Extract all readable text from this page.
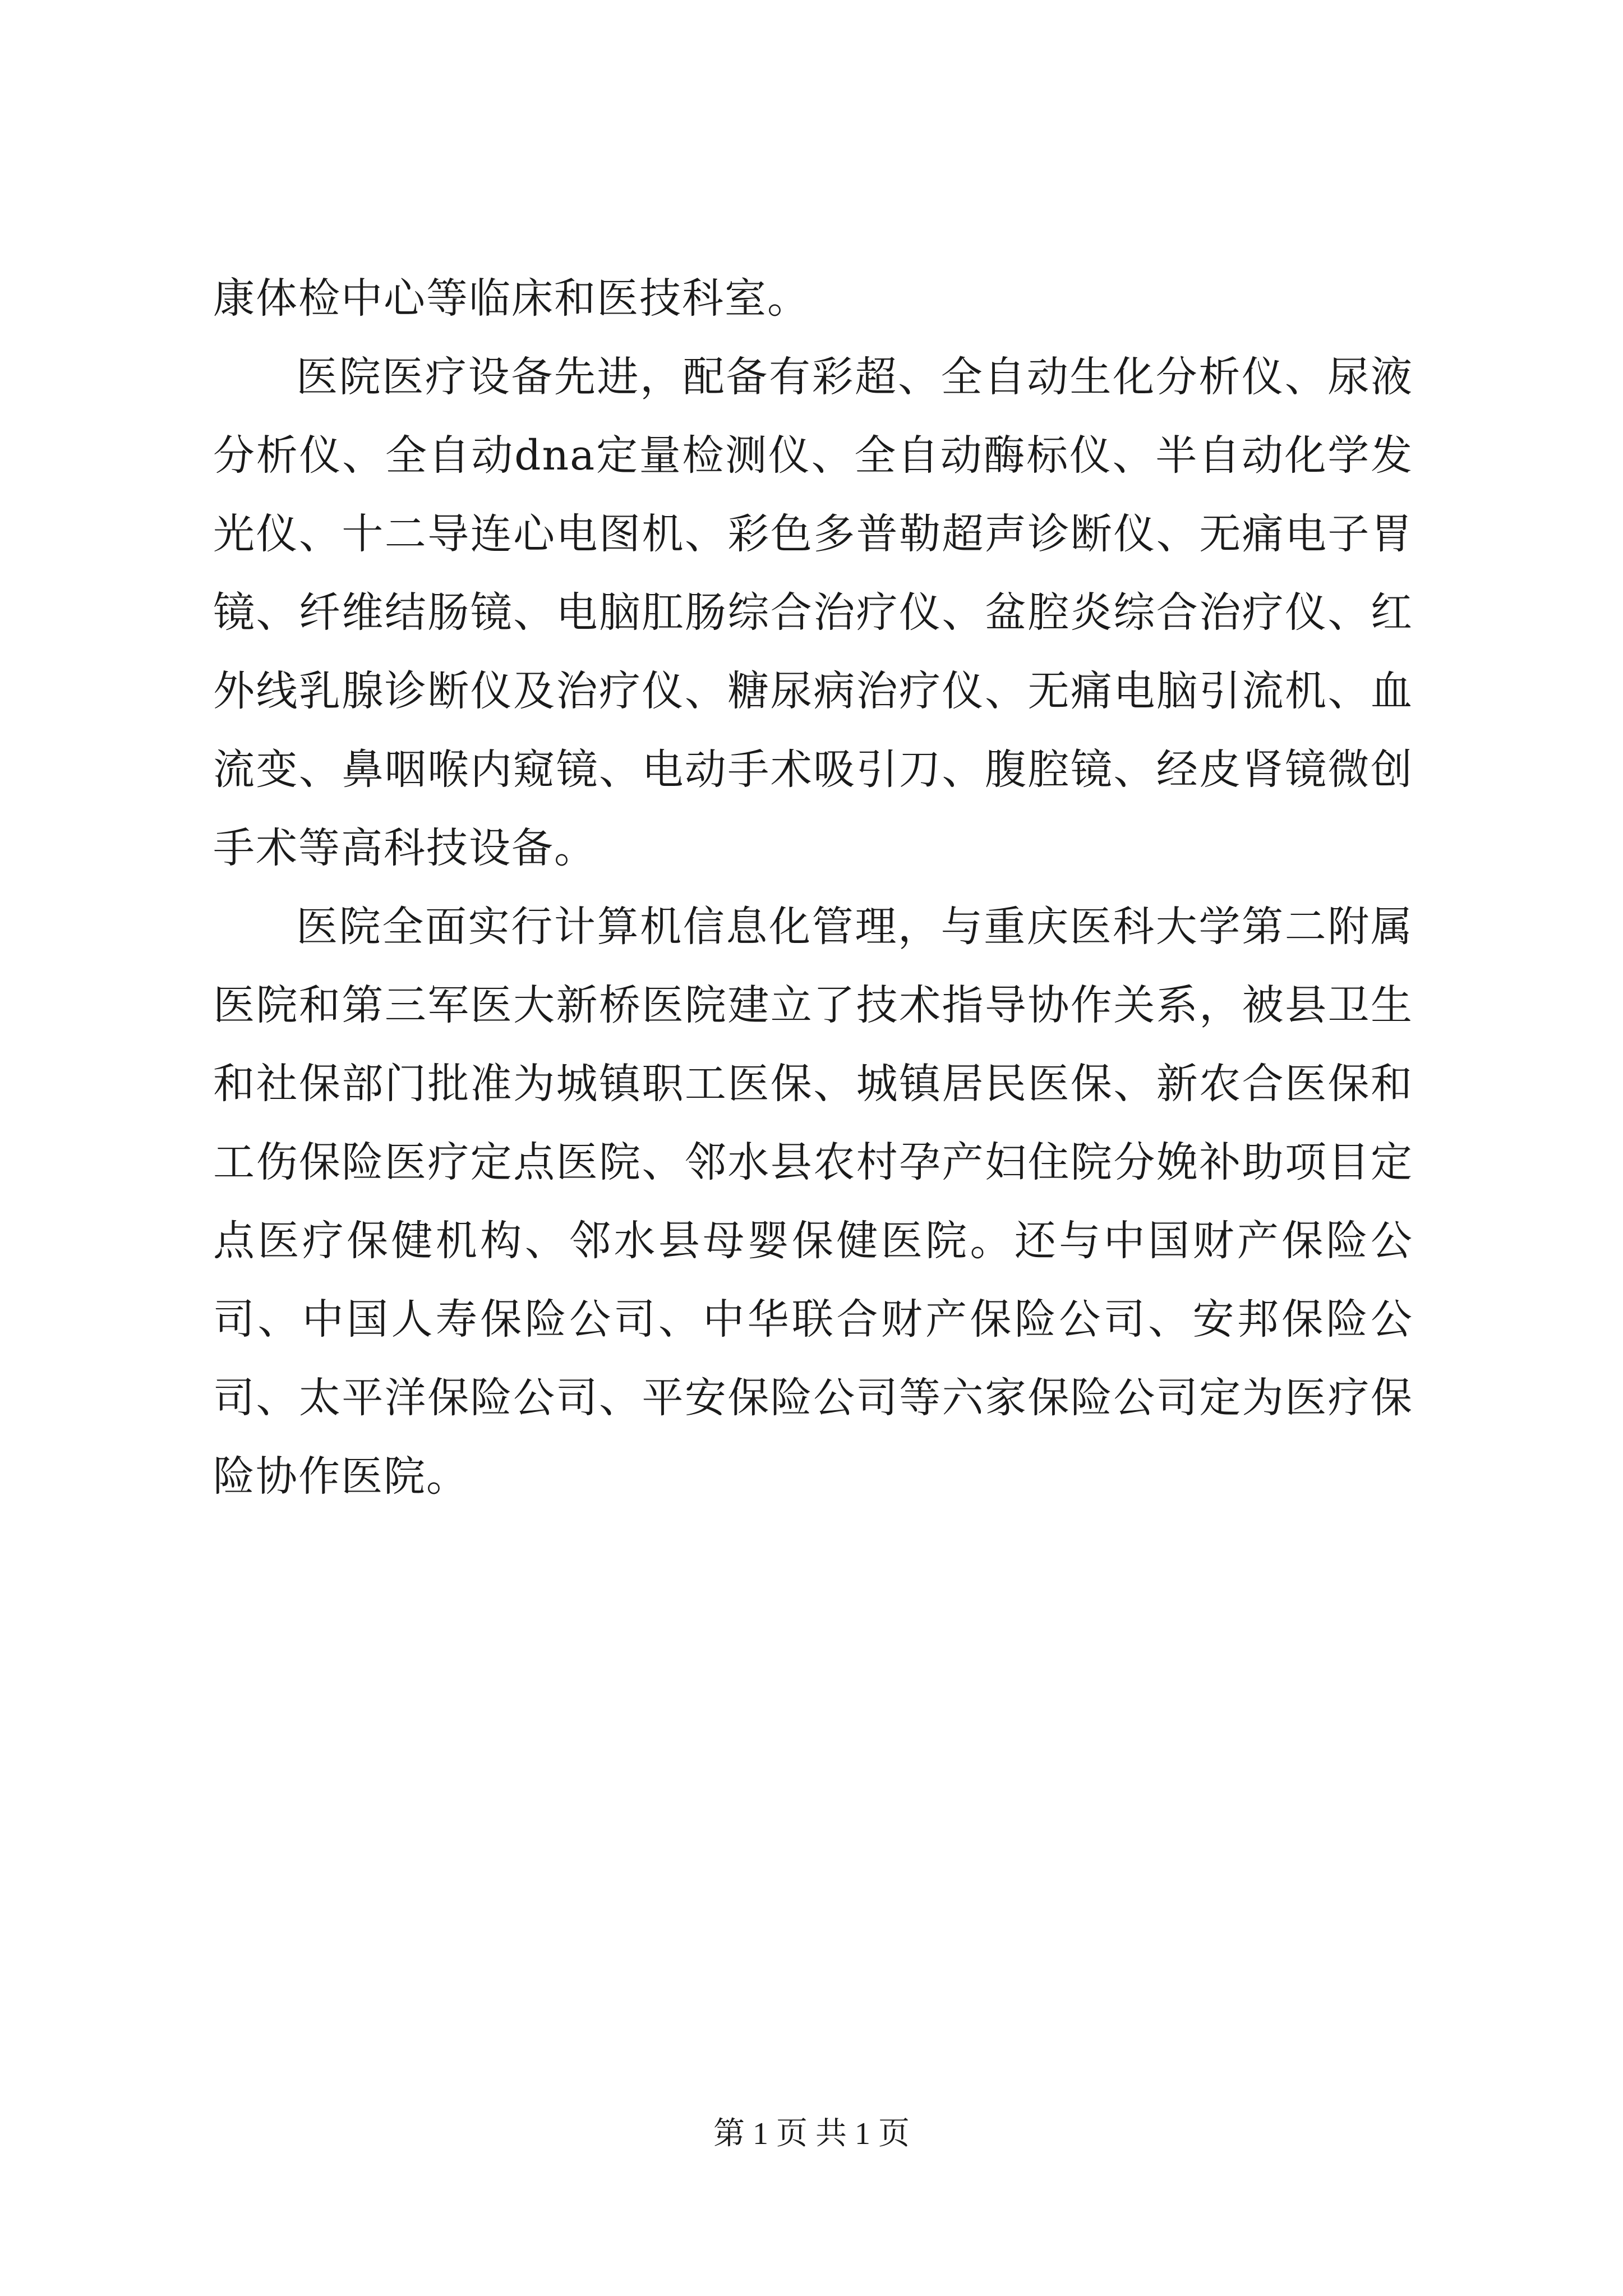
康体检中心等临床和医技科室。

医院医疗设备先进，配备有彩超、全自动生化分析仪、尿液分析仪、全自动dna定量检测仪、全自动酶标仪、半自动化学发光仪、十二导连心电图机、彩色多普勒超声诊断仪、无痛电子胃镜、纤维结肠镜、电脑肛肠综合治疗仪、盆腔炎综合治疗仪、红外线乳腺诊断仪及治疗仪、糖尿病治疗仪、无痛电脑引流机、血流变、鼻咽喉内窥镜、电动手术吸引刀、腹腔镜、经皮肾镜微创手术等高科技设备。

医院全面实行计算机信息化管理，与重庆医科大学第二附属医院和第三军医大新桥医院建立了技术指导协作关系，被县卫生和社保部门批准为城镇职工医保、城镇居民医保、新农合医保和工伤保险医疗定点医院、邻水县农村孕产妇住院分娩补助项目定点医疗保健机构、邻水县母婴保健医院。还与中国财产保险公司、中国人寿保险公司、中华联合财产保险公司、安邦保险公司、太平洋保险公司、平安保险公司等六家保险公司定为医疗保险协作医院。

第 1 页 共 1 页
